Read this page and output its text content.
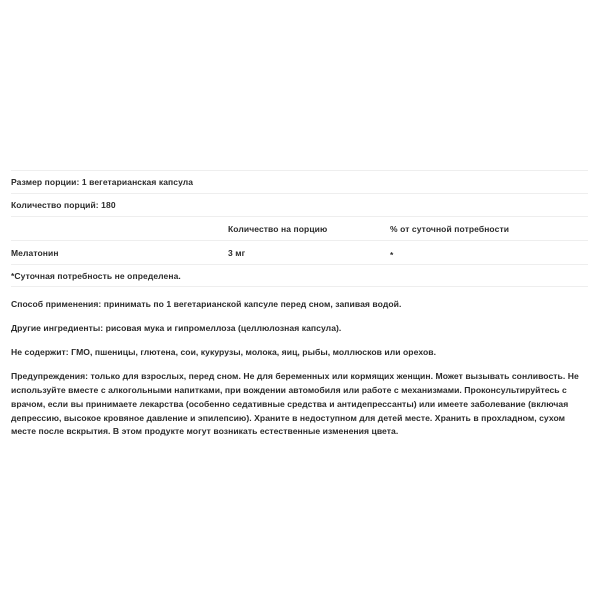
Размер порции: 1 вегетарианская капсула		
Количество порций: 180		
	Количество на порцию	% от суточной потребности
Мелатонин	3 мг	*
*Суточная потребность не определена.		

Способ применения: принимать по 1 вегетарианской капсуле перед сном, запивая водой.

Другие ингредиенты: рисовая мука и гипромеллоза (целлюлозная капсула).

Не содержит: ГМО, пшеницы, глютена, сои, кукурузы, молока, яиц, рыбы, моллюсков или орехов.

Предупреждения: только для взрослых, перед сном. Не для беременных или кормящих женщин. Может вызывать сонливость. Не используйте вместе с алкогольными напитками, при вождении автомобиля или работе с механизмами. Проконсультируйтесь с врачом, если вы принимаете лекарства (особенно седативные средства и антидепрессанты) или имеете заболевание (включая депрессию, высокое кровяное давление и эпилепсию). Храните в недоступном для детей месте. Хранить в прохладном, сухом месте после вскрытия. В этом продукте могут возникать естественные изменения цвета.
